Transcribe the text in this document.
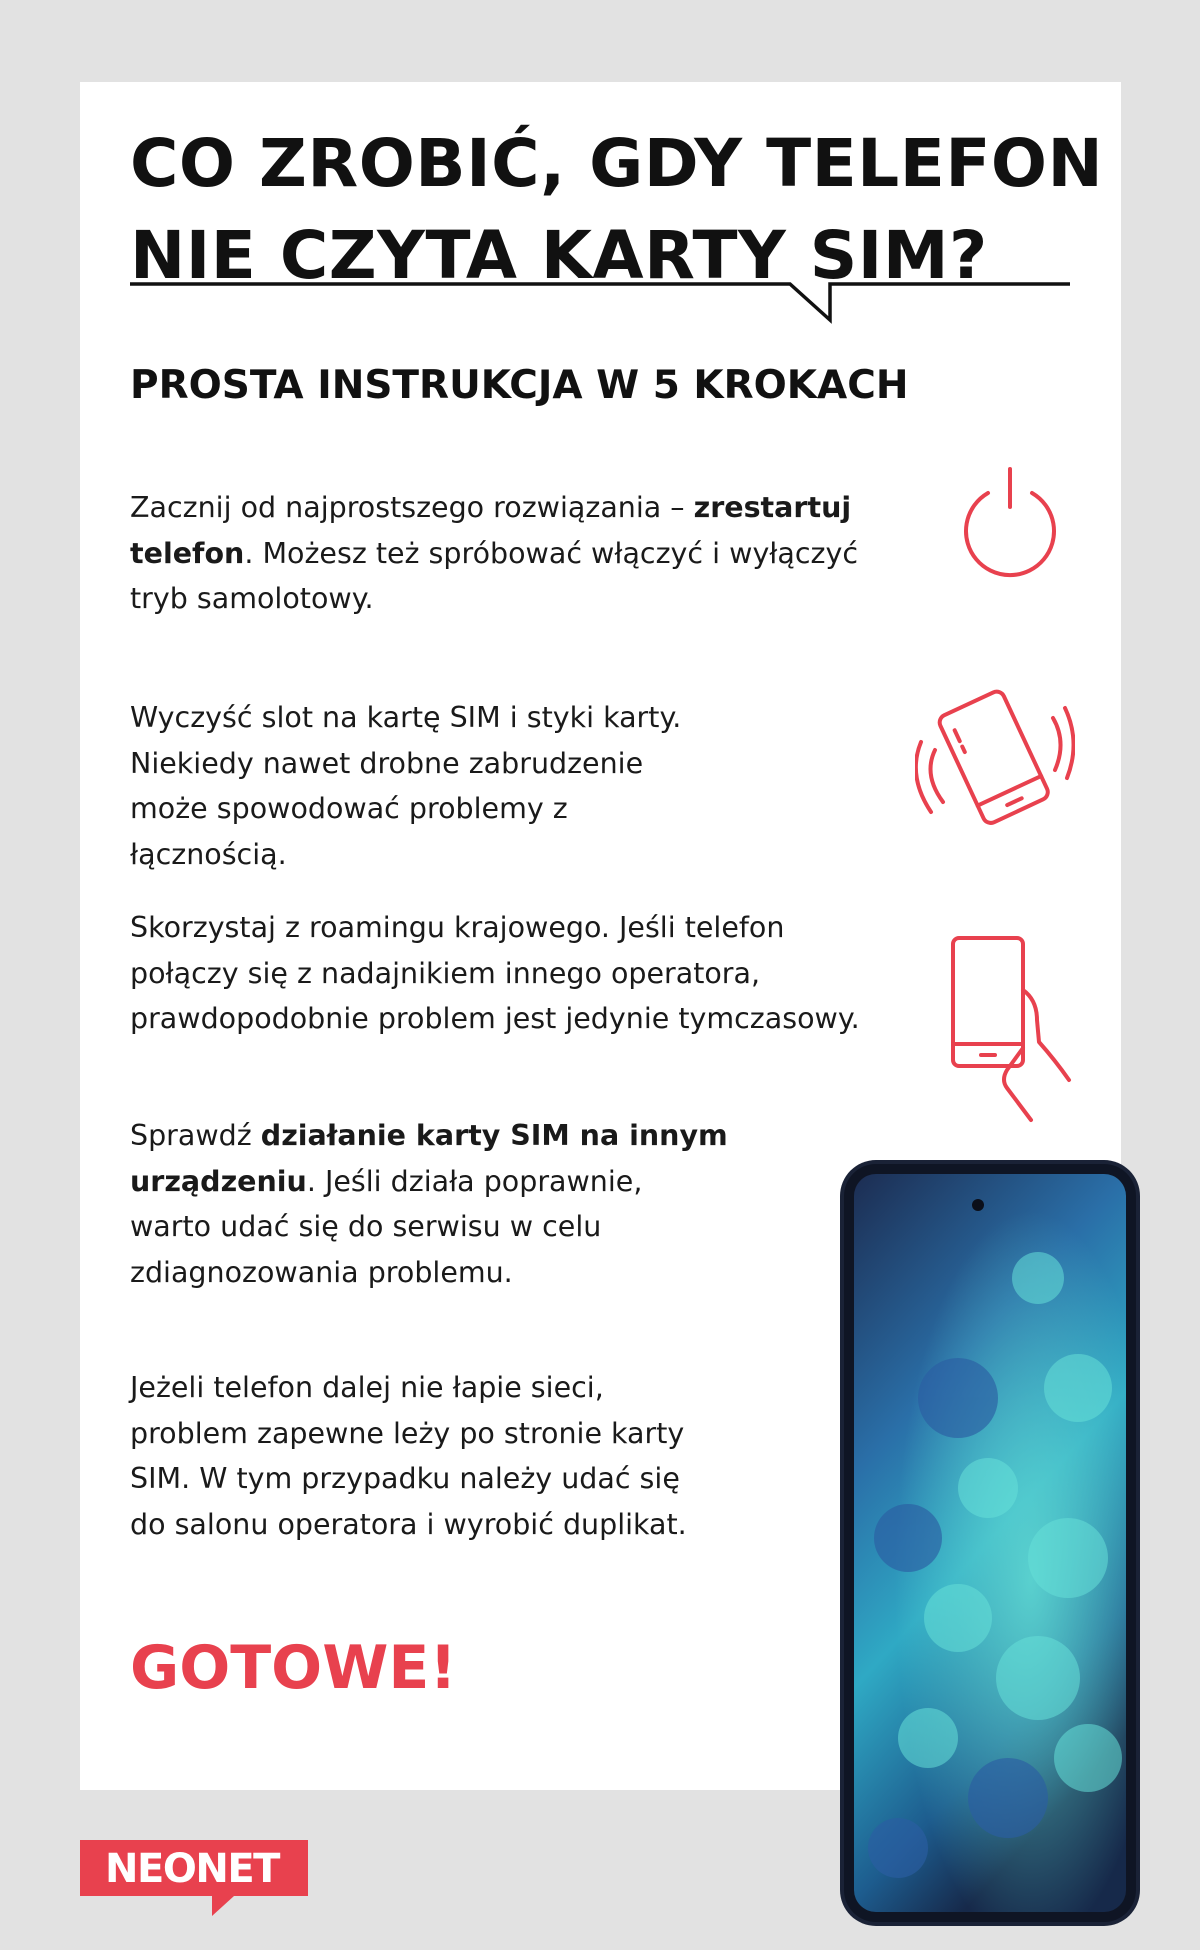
CO ZROBIĆ, GDY TELEFON
NIE CZYTA KARTY SIM?
PROSTA INSTRUKCJA W 5 KROKACH

Zacznij od najprostszego rozwiązania – zrestartuj
telefon. Możesz też spróbować włączyć i wyłączyć
tryb samolotowy.

Wyczyść slot na kartę SIM i styki karty.
Niekiedy nawet drobne zabrudzenie
może spowodować problemy z łącznością.

Skorzystaj z roamingu krajowego. Jeśli telefon
połączy się z nadajnikiem innego operatora,
prawdopodobnie problem jest jedynie tymczasowy.

Sprawdź działanie karty SIM na innym
urządzeniu. Jeśli działa poprawnie,
warto udać się do serwisu w celu
zdiagnozowania problemu.

Jeżeli telefon dalej nie łapie sieci,
problem zapewne leży po stronie karty
SIM. W tym przypadku należy udać się
do salonu operatora i wyrobić duplikat.

GOTOWE!

NEONET
